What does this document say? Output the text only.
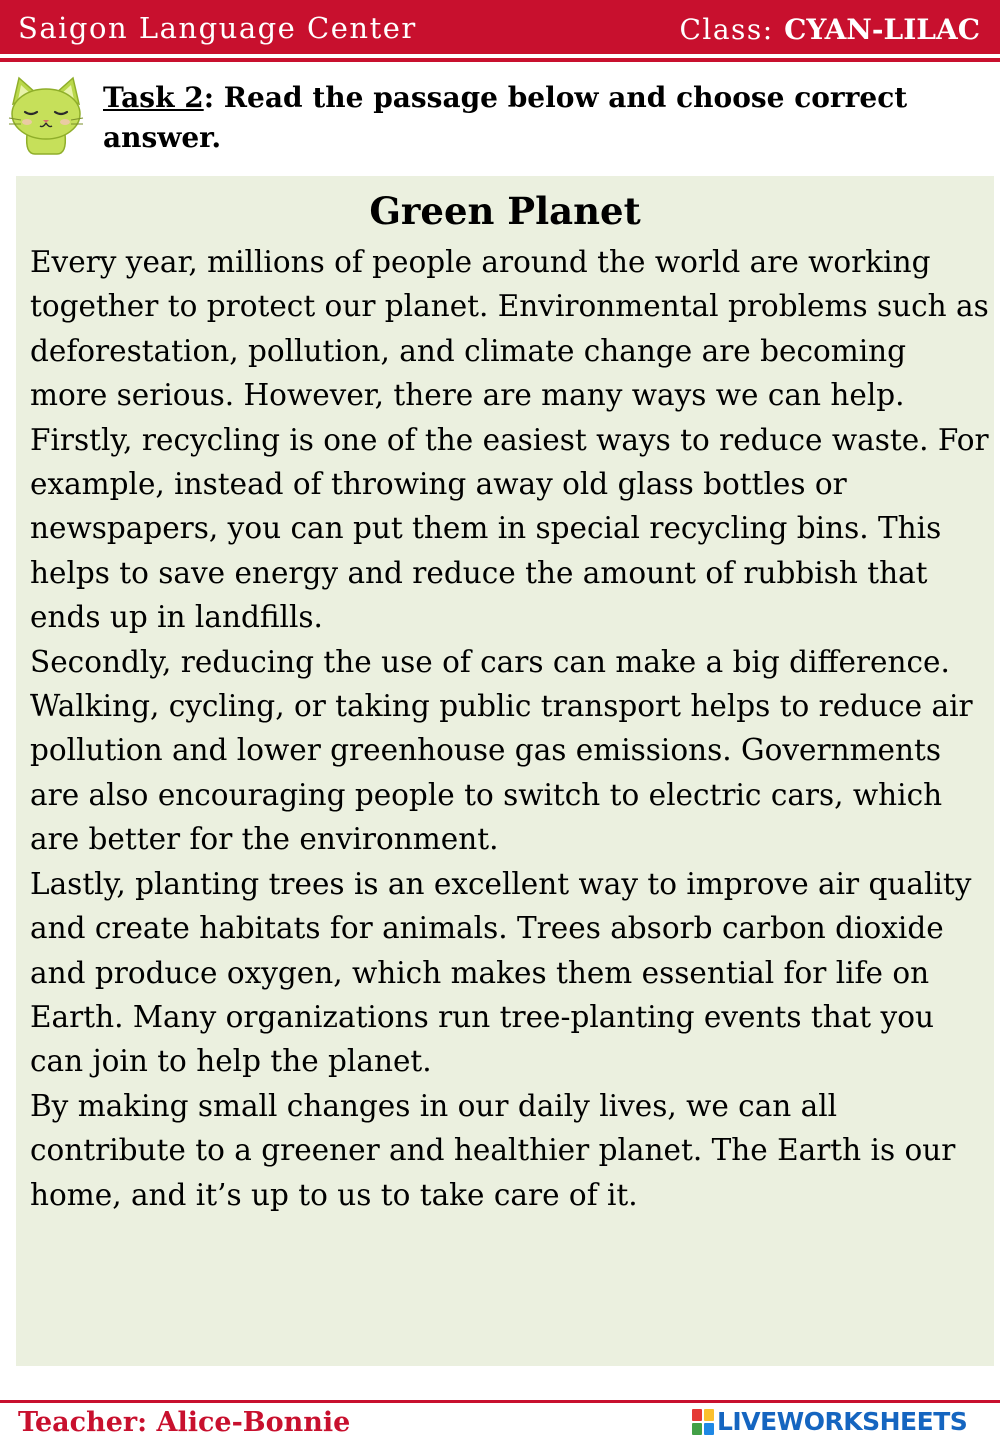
Saigon Language Center	Class: CYAN-LILAC
Task 2: Read the passage below and choose correct answer.
Green Planet

Every year, millions of people around the world are working together to protect our planet. Environmental problems such as deforestation, pollution, and climate change are becoming more serious. However, there are many ways we can help.

Firstly, recycling is one of the easiest ways to reduce waste. For example, instead of throwing away old glass bottles or newspapers, you can put them in special recycling bins. This helps to save energy and reduce the amount of rubbish that ends up in landfills.

Secondly, reducing the use of cars can make a big difference. Walking, cycling, or taking public transport helps to reduce air pollution and lower greenhouse gas emissions. Governments are also encouraging people to switch to electric cars, which are better for the environment.

Lastly, planting trees is an excellent way to improve air quality and create habitats for animals. Trees absorb carbon dioxide and produce oxygen, which makes them essential for life on Earth. Many organizations run tree-planting events that you can join to help the planet.

By making small changes in our daily lives, we can all contribute to a greener and healthier planet. The Earth is our home, and it’s up to us to take care of it.

Teacher: Alice-Bonnie	LIVEWORKSHEETS
